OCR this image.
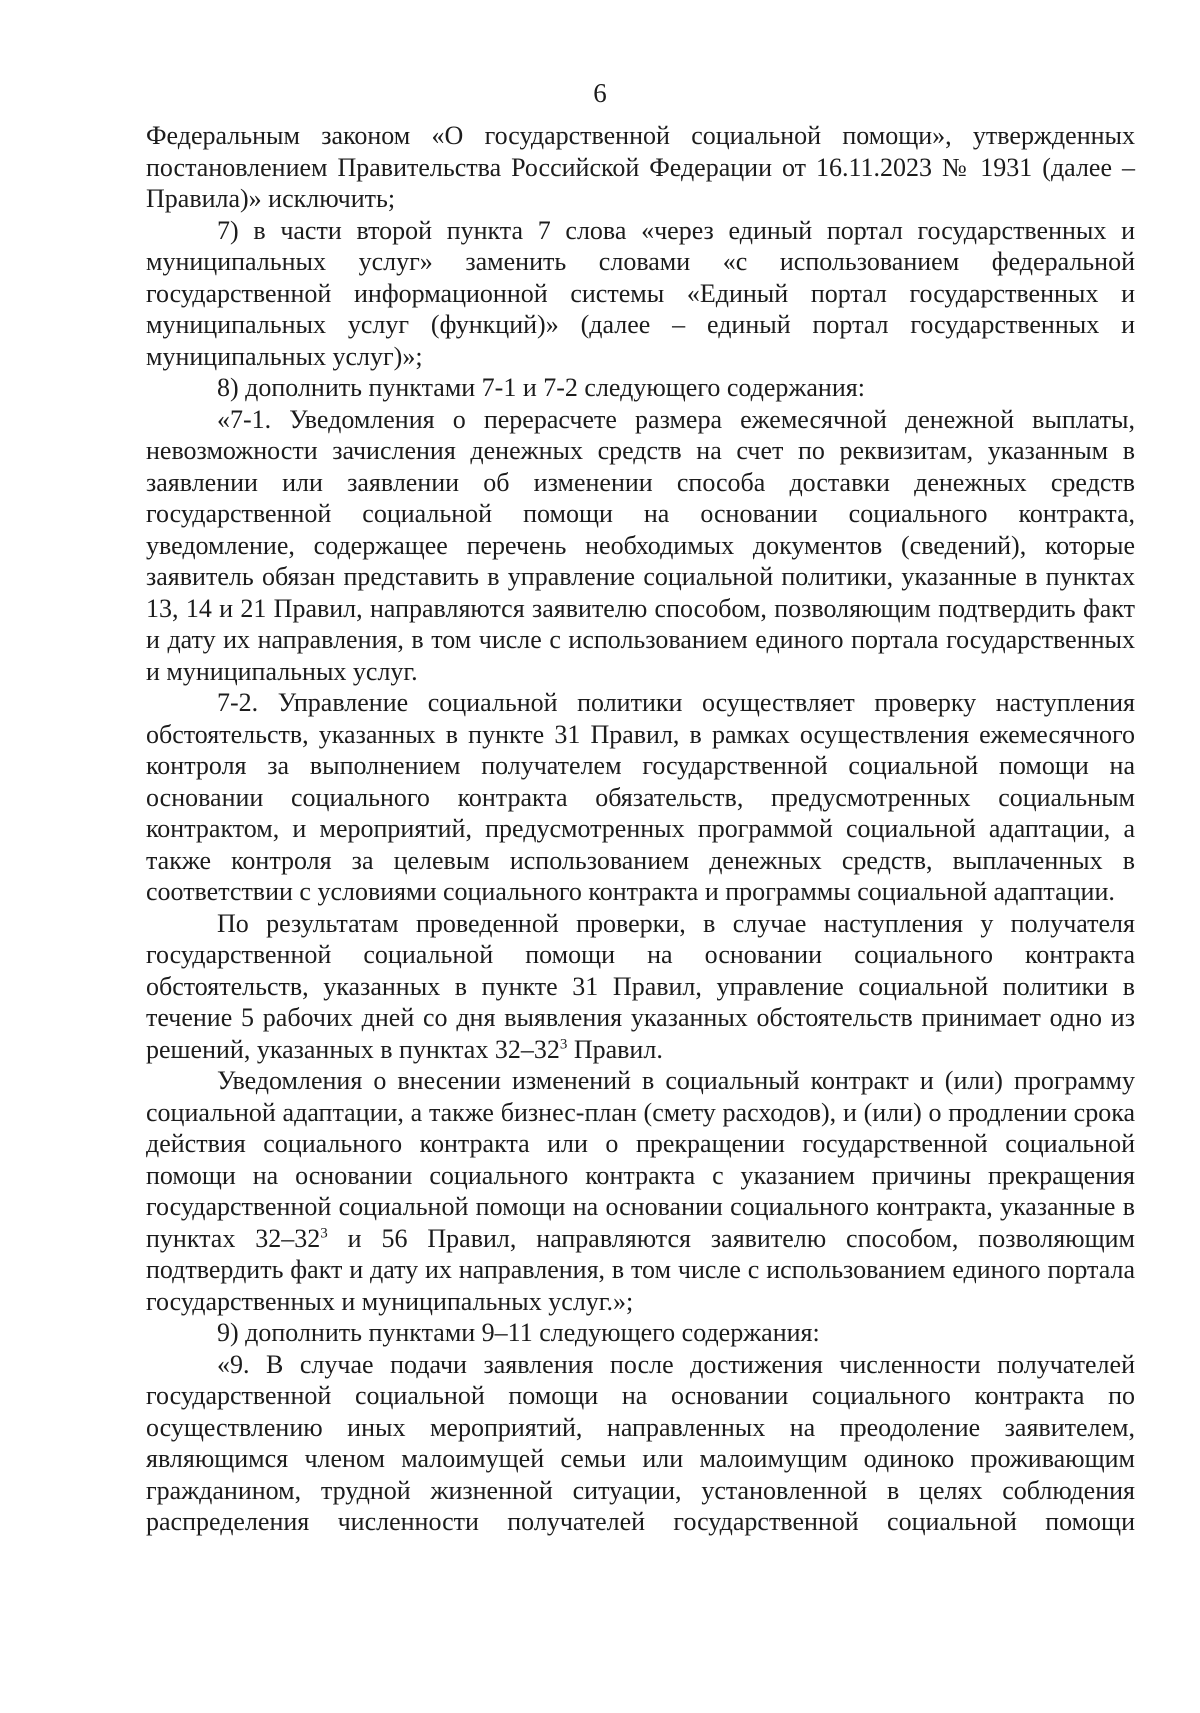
6

Федеральным законом «О государственной социальной помощи», утвержденных постановлением Правительства Российской Федерации от 16.11.2023 № 1931 (далее – Правила)» исключить;

7) в части второй пункта 7 слова «через единый портал государственных и муниципальных услуг» заменить словами «с использованием федеральной государственной информационной системы «Единый портал государственных и муниципальных услуг (функций)» (далее – единый портал государственных и муниципальных услуг)»;

8) дополнить пунктами 7-1 и 7-2 следующего содержания:

«7-1. Уведомления о перерасчете размера ежемесячной денежной выплаты, невозможности зачисления денежных средств на счет по реквизитам, указанным в заявлении или заявлении об изменении способа доставки денежных средств государственной социальной помощи на основании социального контракта, уведомление, содержащее перечень необходимых документов (сведений), которые заявитель обязан представить в управление социальной политики, указанные в пунктах 13, 14 и 21 Правил, направляются заявителю способом, позволяющим подтвердить факт и дату их направления, в том числе с использованием единого портала государственных и муниципальных услуг.

7-2. Управление социальной политики осуществляет проверку наступления обстоятельств, указанных в пункте 31 Правил, в рамках осуществления ежемесячного контроля за выполнением получателем государственной социальной помощи на основании социального контракта обязательств, предусмотренных социальным контрактом, и мероприятий, предусмотренных программой социальной адаптации, а также контроля за целевым использованием денежных средств, выплаченных в соответствии с условиями социального контракта и программы социальной адаптации.

По результатам проведенной проверки, в случае наступления у получателя государственной социальной помощи на основании социального контракта обстоятельств, указанных в пункте 31 Правил, управление социальной политики в течение 5 рабочих дней со дня выявления указанных обстоятельств принимает одно из решений, указанных в пунктах $32-32^3$ Правил.

Уведомления о внесении изменений в социальный контракт и (или) программу социальной адаптации, а также бизнес-план (смету расходов), и (или) о продлении срока действия социального контракта или о прекращении государственной социальной помощи на основании социального контракта с указанием причины прекращения государственной социальной помощи на основании социального контракта, указанные в пунктах $32-32^3$ и 56 Правил, направляются заявителю способом, позволяющим подтвердить факт и дату их направления, в том числе с использованием единого портала государственных и муниципальных услуг.»;

9) дополнить пунктами 9–11 следующего содержания:

«9. В случае подачи заявления после достижения численности получателей государственной социальной помощи на основании социального контракта по осуществлению иных мероприятий, направленных на преодоление заявителем, являющимся членом малоимущей семьи или малоимущим одиноко проживающим гражданином, трудной жизненной ситуации, установленной в целях соблюдения распределения численности получателей государственной социальной помощи
